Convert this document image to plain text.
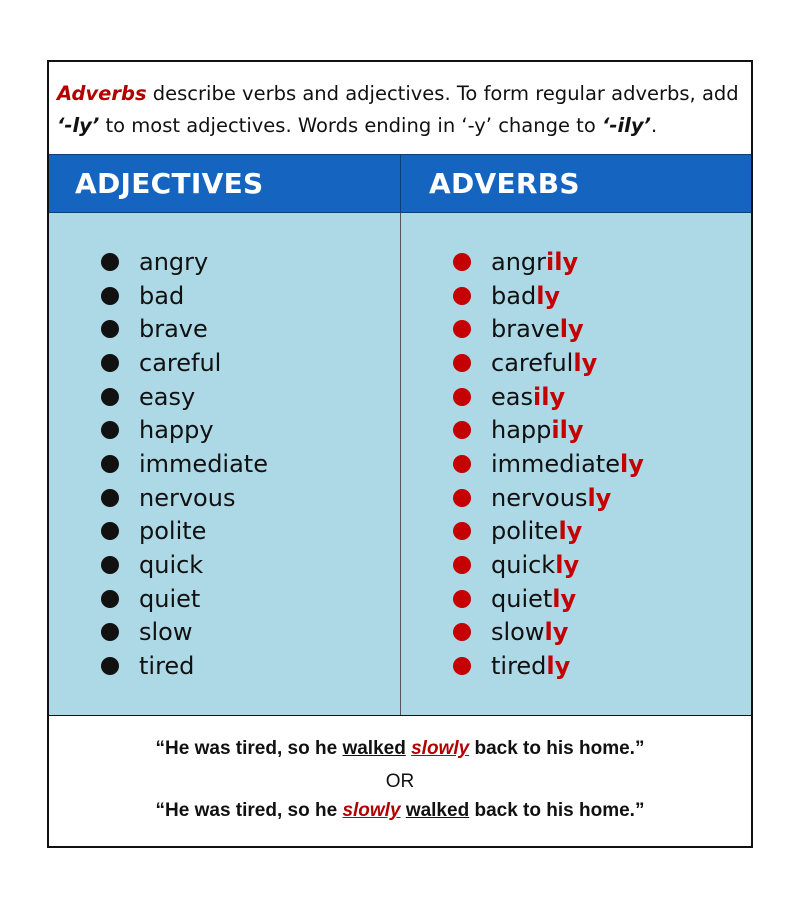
Adverbs describe verbs and adjectives. To form regular adverbs, add
‘-ly’ to most adjectives. Words ending in ‘-y’ change to ‘-ily’.
ADJECTIVES	ADVERBS
angry
bad
brave
careful
easy
happy
immediate
nervous
polite
quick
quiet
slow
tired
angr ily
bad ly
brave ly
careful ly
eas ily
happ ily
immediate ly
nervous ly
polite ly
quick ly
quiet ly
slow ly
tired ly
“He was tired, so he walked slowly back to his home.”
OR
“He was tired, so he slowly walked back to his home.”
